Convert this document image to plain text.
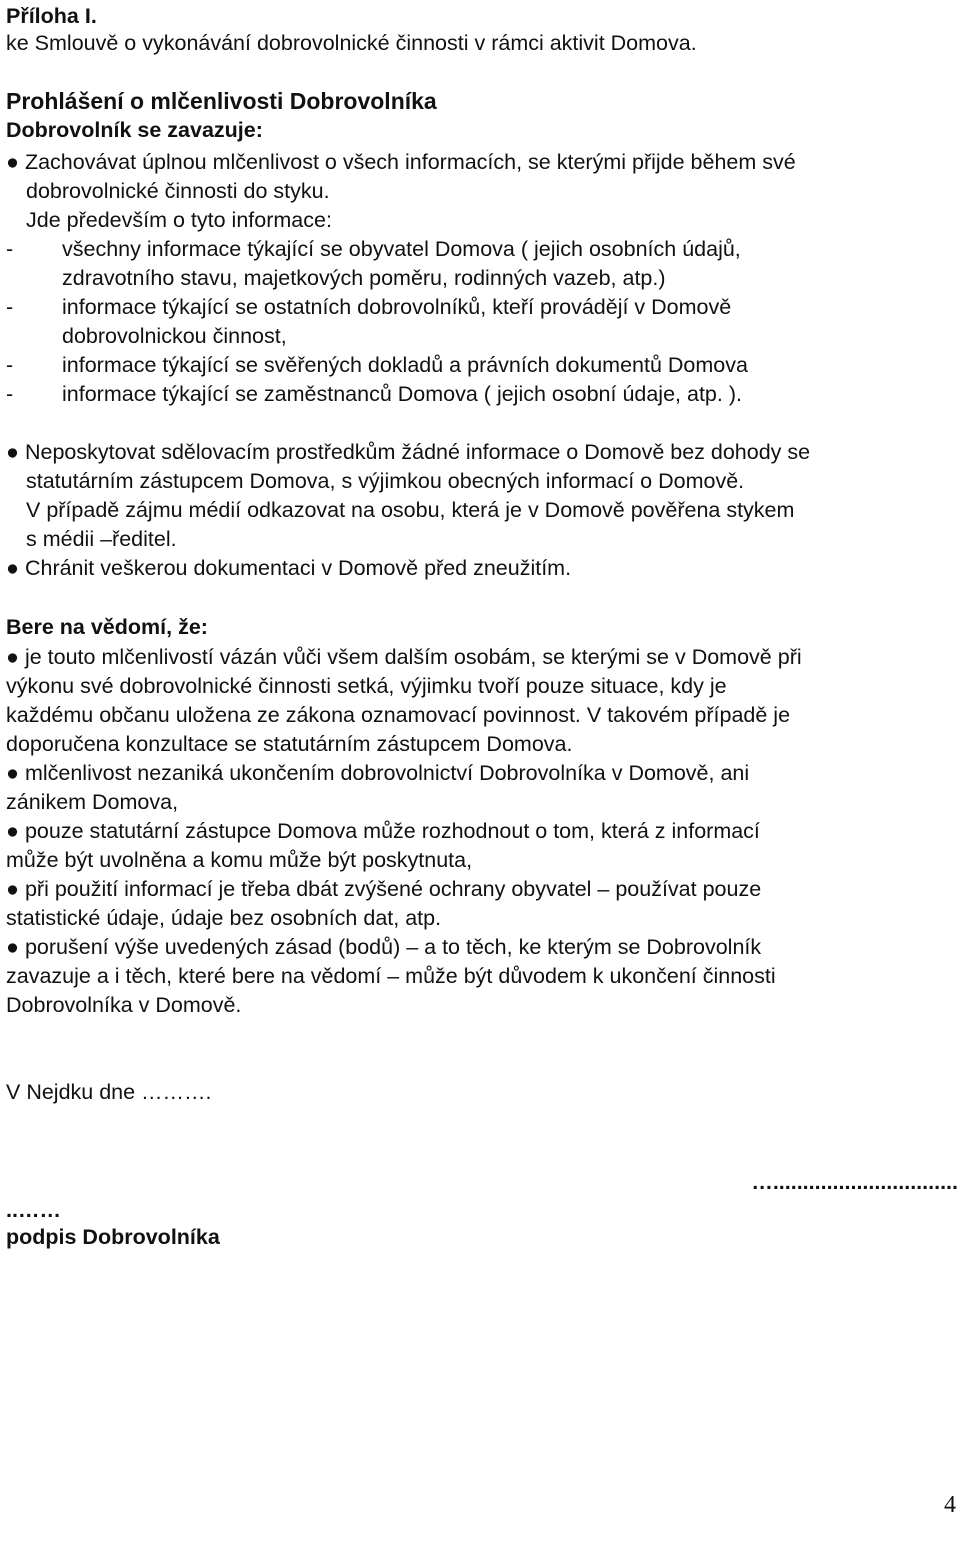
Příloha I.
ke Smlouvě o vykonávání dobrovolnické činnosti v rámci aktivit Domova.
Prohlášení o mlčenlivosti Dobrovolníka
Dobrovolník se zavazuje:
● Zachovávat úplnou mlčenlivost o všech informacích, se kterými přijde během své
dobrovolnické činnosti do styku.
Jde především o tyto informace:
- všechny informace týkající se obyvatel Domova ( jejich osobních údajů,
zdravotního stavu, majetkových poměru, rodinných vazeb, atp.)
- informace týkající se ostatních dobrovolníků, kteří provádějí v Domově
dobrovolnickou činnost,
- informace týkající se svěřených dokladů a právních dokumentů Domova
- informace týkající se zaměstnanců Domova ( jejich osobní údaje, atp. ).
● Neposkytovat sdělovacím prostředkům žádné informace o Domově bez dohody se
statutárním zástupcem Domova, s výjimkou obecných informací o Domově.
V případě zájmu médií odkazovat na osobu, která je v Domově pověřena stykem
s médii –ředitel.
● Chránit veškerou dokumentaci v Domově před zneužitím.
Bere na vědomí, že:
● je touto mlčenlivostí vázán vůči všem dalším osobám, se kterými se v Domově při
výkonu své dobrovolnické činnosti setká, výjimku tvoří pouze situace, kdy je
každému občanu uložena ze zákona oznamovací povinnost. V takovém případě je
doporučena konzultace se statutárním zástupcem Domova.
● mlčenlivost nezaniká ukončením dobrovolnictví Dobrovolníka v Domově, ani
zánikem Domova,
● pouze statutární zástupce Domova může rozhodnout o tom, která z informací
může být uvolněna a komu může být poskytnuta,
● při použití informací je třeba dbát zvýšené ochrany obyvatel – používat pouze
statistické údaje, údaje bez osobních dat, atp.
● porušení výše uvedených zásad (bodů) – a to těch, ke kterým se Dobrovolník
zavazuje a i těch, které bere na vědomí – může být důvodem k ukončení činnosti
Dobrovolníka v Domově.
V Nejdku dne ……….
…...............................
..……
podpis Dobrovolníka
4
